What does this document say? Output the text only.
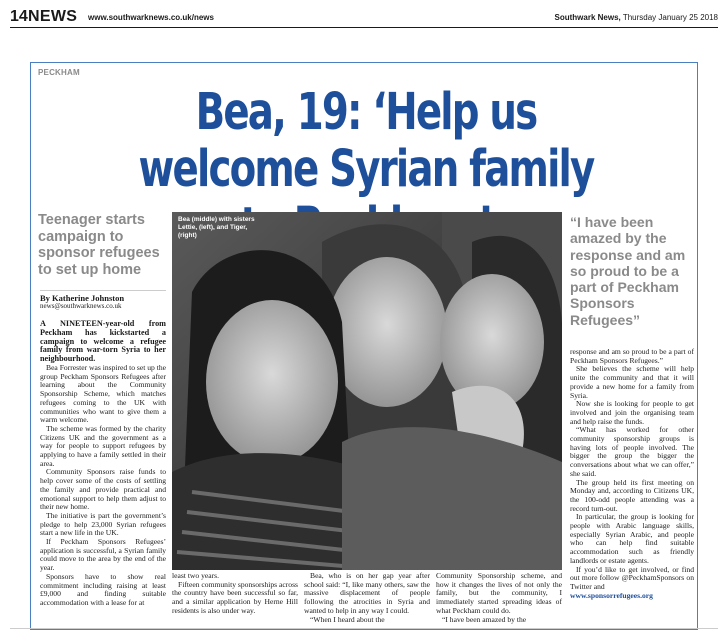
14 NEWS www.southwarknews.co.uk/news	Southwark News, Thursday January 25 2018
PECKHAM
Bea, 19: ‘Help us welcome Syrian family
Teenager starts campaign to sponsor refugees to set up home
By Katherine Johnston
news@southwarknews.co.uk
Bea (middle) with sisters Lettie, (left), and Tiger, (right)
“I have been amazed by the response and am so proud to be a part of Peckham Sponsors Refugees”

A NINETEEN-year-old from Peckham has kickstarted a campaign to welcome a refugee family from war-torn Syria to her neighbourhood.

Bea Forrester was inspired to set up the group Peckham Sponsors Refugees after learning about the Community Sponsorship Scheme, which matches refugees coming to the UK with communities who want to give them a warm welcome.

The scheme was formed by the charity Citizens UK and the government as a way for people to support refugees by applying to have a family settled in their area.

Community Sponsors raise funds to help cover some of the costs of settling the family and provide practical and emotional support to help them adjust to their new home.

The initiative is part the government’s pledge to help 23,000 Syrian refugees start a new life in the UK.

If Peckham Sponsors Refugees’ application is successful, a Syrian family could move to the area by the end of the year.

Sponsors have to show real commitment including raising at least £9,000 and finding suitable accommodation with a lease for at

least two years.

Fifteen community sponsorships across the country have been successful so far, and a similar application by Herne Hill residents is also under way.

Bea, who is on her gap year after school said: “I, like many others, saw the massive displacement of people following the atrocities in Syria and wanted to help in any way I could.

“When I heard about the

Community Sponsorship scheme, and how it changes the lives of not only the family, but the community, I immediately started spreading ideas of what Peckham could do.

“I have been amazed by the

response and am so proud to be a part of Peckham Sponsors Refugees.”

She believes the scheme will help unite the community and that it will provide a new home for a family from Syria.

Now she is looking for people to get involved and join the organising team and help raise the funds.

“What has worked for other community sponsorship groups is having lots of people involved. The bigger the group the bigger the conversations about what we can offer,” she said.

The group held its first meeting on Monday and, according to Citizens UK, the 100-odd people attending was a record turn-out.

In particular, the group is looking for people with Arabic language skills, especially Syrian Arabic, and people who can help find suitable accommodation such as friendly landlords or estate agents.

If you’d like to get involved, or find out more follow @PeckhamSponsors on Twitter and

www.sponsorrefugees.org
